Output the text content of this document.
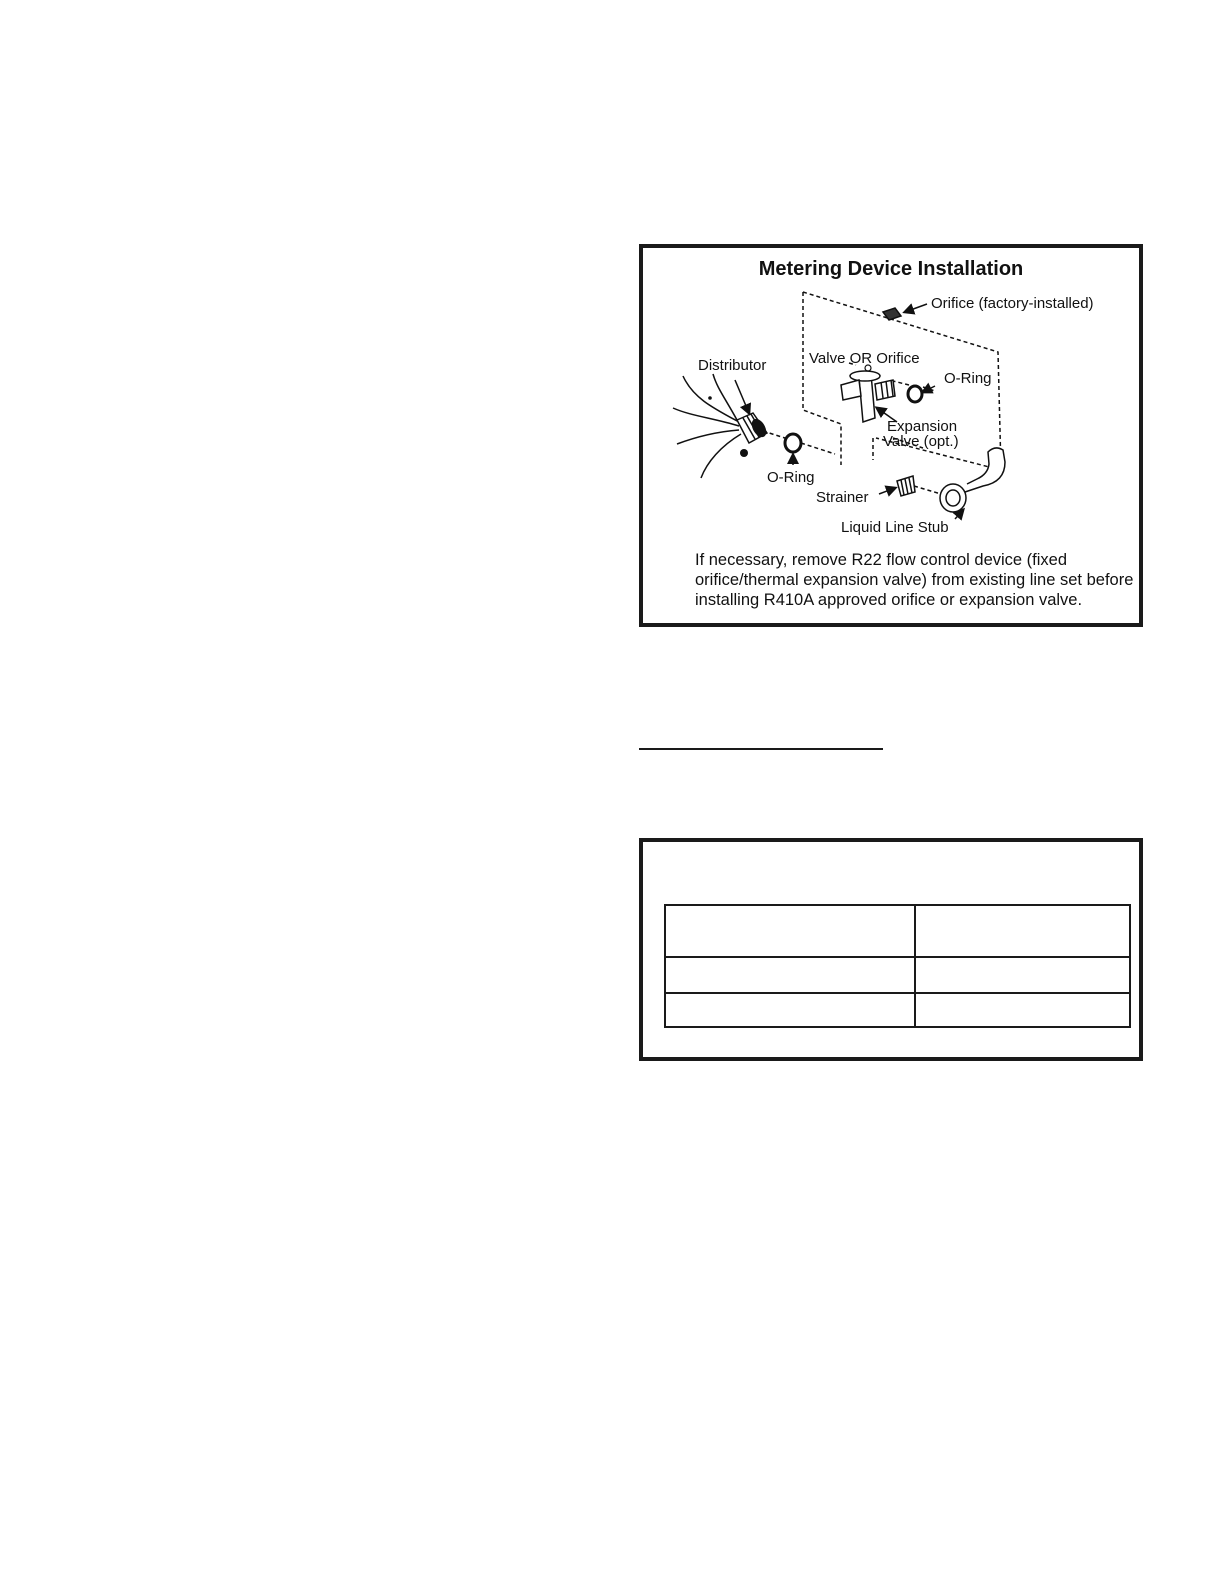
Metering Device Installation
Orifice (factory-installed)
Valve OR Orifice
Distributor
O-Ring
Expansion
Valve (opt.)
O-Ring
Strainer
Liquid Line Stub
If necessary, remove R22 flow control device (fixed orifice/thermal expansion valve) from existing line set before installing R410A approved orifice or expansion valve.
